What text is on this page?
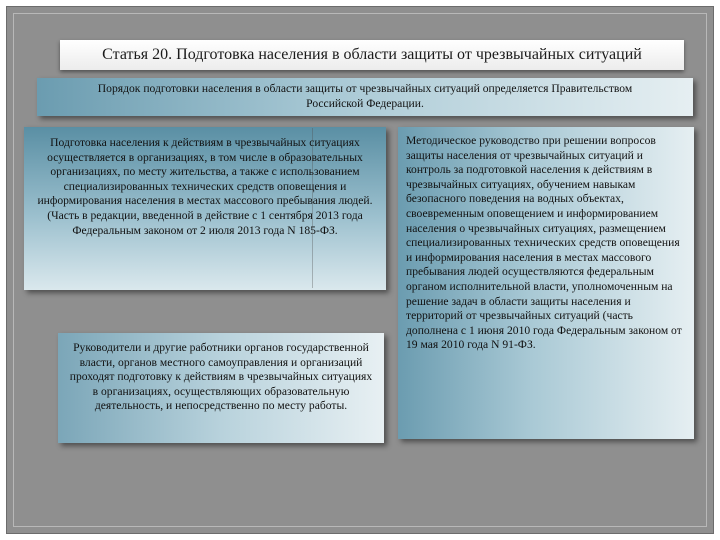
Статья 20. Подготовка населения в области защиты от чрезвычайных ситуаций
Порядок подготовки населения в области защиты от чрезвычайных ситуаций определяется Правительством Российской Федерации.
Подготовка населения к действиям в чрезвычайных ситуациях осуществляется в организациях, в том числе в образовательных организациях, по месту жительства, а также с использованием специализированных технических средств оповещения и информирования населения в местах массового пребывания людей. (Часть в редакции, введенной в действие с 1 сентября 2013 года Федеральным законом от 2 июля 2013 года N 185-ФЗ.
Руководители и другие работники органов государственной власти, органов местного самоуправления и организаций проходят подготовку к действиям в чрезвычайных ситуациях в организациях, осуществляющих образовательную деятельность, и непосредственно по месту работы.
Методическое руководство при решении вопросов защиты населения от чрезвычайных ситуаций и контроль за подготовкой населения к действиям в чрезвычайных ситуациях, обучением навыкам безопасного поведения на водных объектах, своевременным оповещением и информированием населения о чрезвычайных ситуациях, размещением специализированных технических средств оповещения и информирования населения в местах массового пребывания людей осуществляются федеральным органом исполнительной власти, уполномоченным на решение задач в области защиты населения и территорий от чрезвычайных ситуаций (часть дополнена с 1 июня 2010 года Федеральным законом от 19 мая 2010 года N 91-ФЗ.
